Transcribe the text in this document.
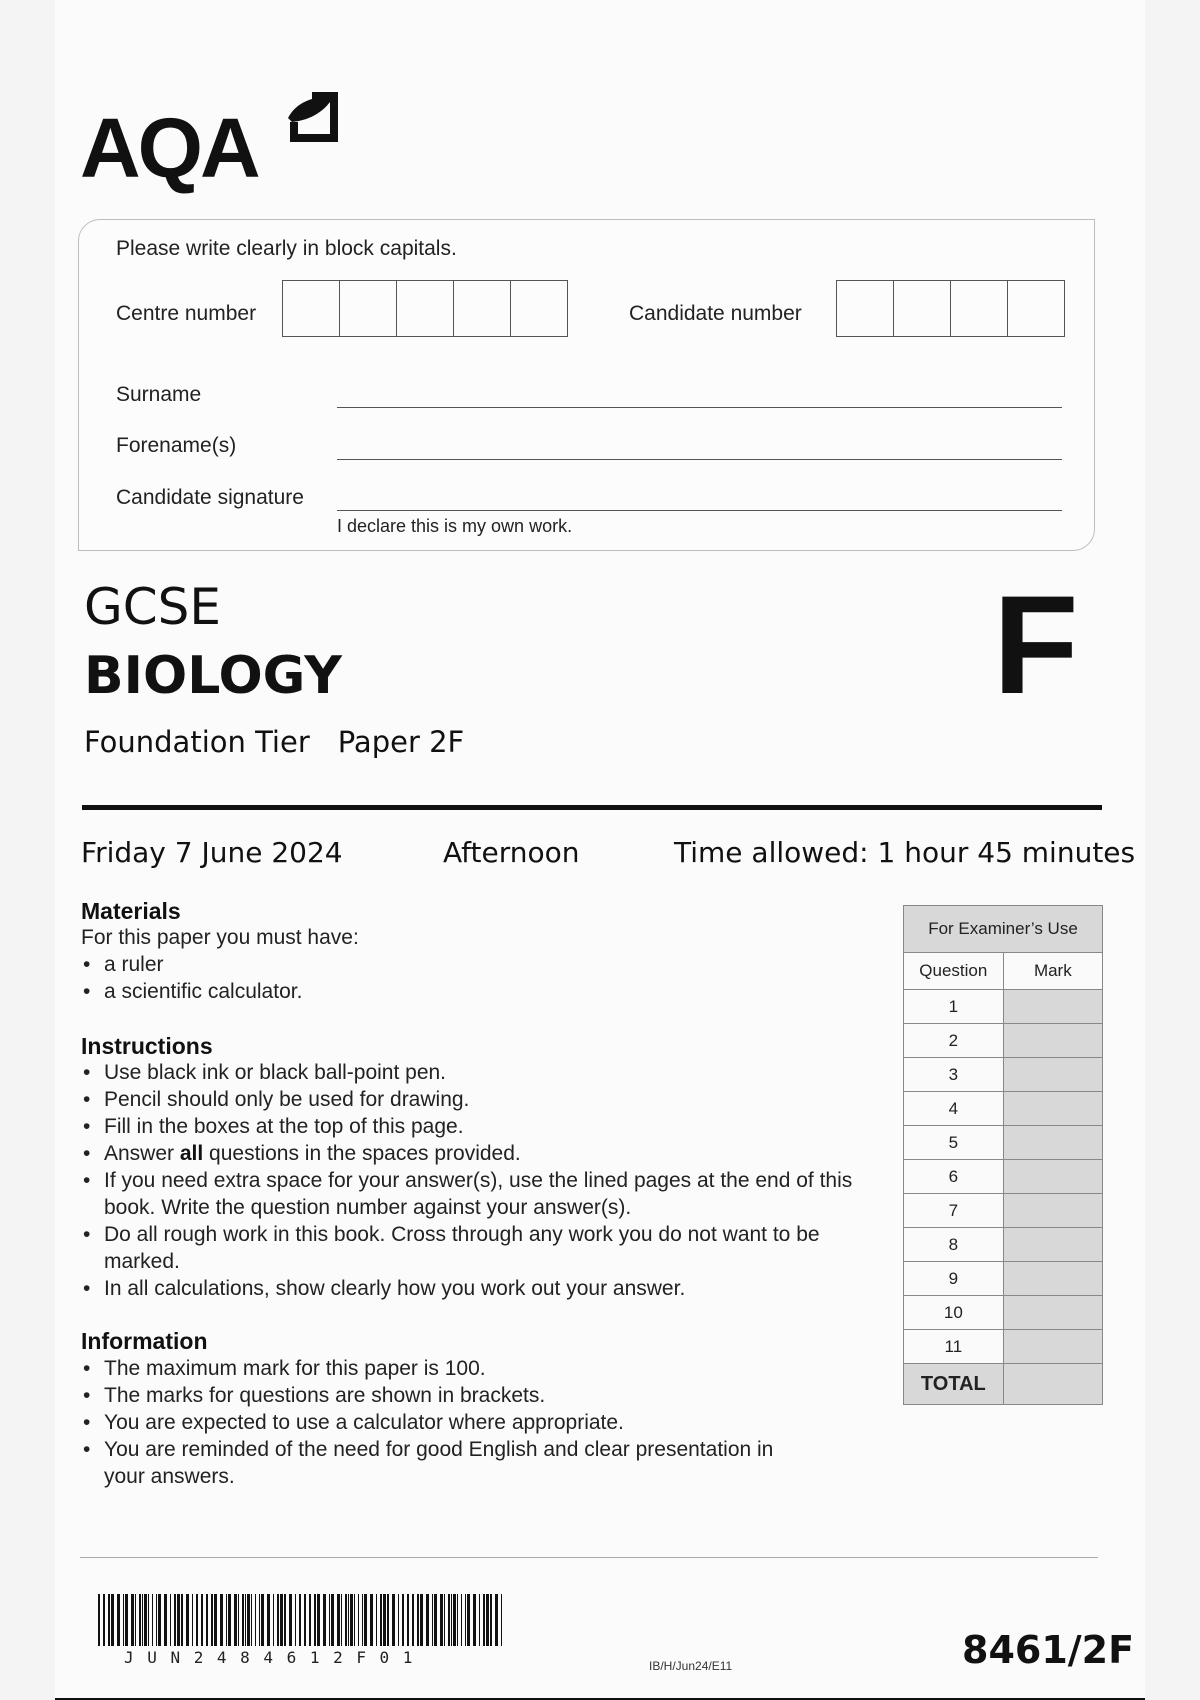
AQA
Please write clearly in block capitals.
Centre number	Candidate number
Surname
Forename(s)
Candidate signature
I declare this is my own work.
GCSE
BIOLOGY
Foundation Tier Paper 2F
F
Friday 7 June 2024	Afternoon	Time allowed: 1 hour 45 minutes
Materials
For this paper you must have:
• a ruler
• a scientific calculator.
Instructions
• Use black ink or black ball-point pen.
• Pencil should only be used for drawing.
• Fill in the boxes at the top of this page.
• Answer all questions in the spaces provided.
• If you need extra space for your answer(s), use the lined pages at the end of this book. Write the question number against your answer(s).
• Do all rough work in this book. Cross through any work you do not want to be marked.
• In all calculations, show clearly how you work out your answer.
Information
• The maximum mark for this paper is 100.
• The marks for questions are shown in brackets.
• You are expected to use a calculator where appropriate.
• You are reminded of the need for good English and clear presentation in your answers.
For Examiner’s Use	
Question	Mark
1	
2	
3	
4	
5	
6	
7	
8	
9	
10	
11	
TOTAL	
JUN2484612F01	IB/H/Jun24/E11	8461/2F
